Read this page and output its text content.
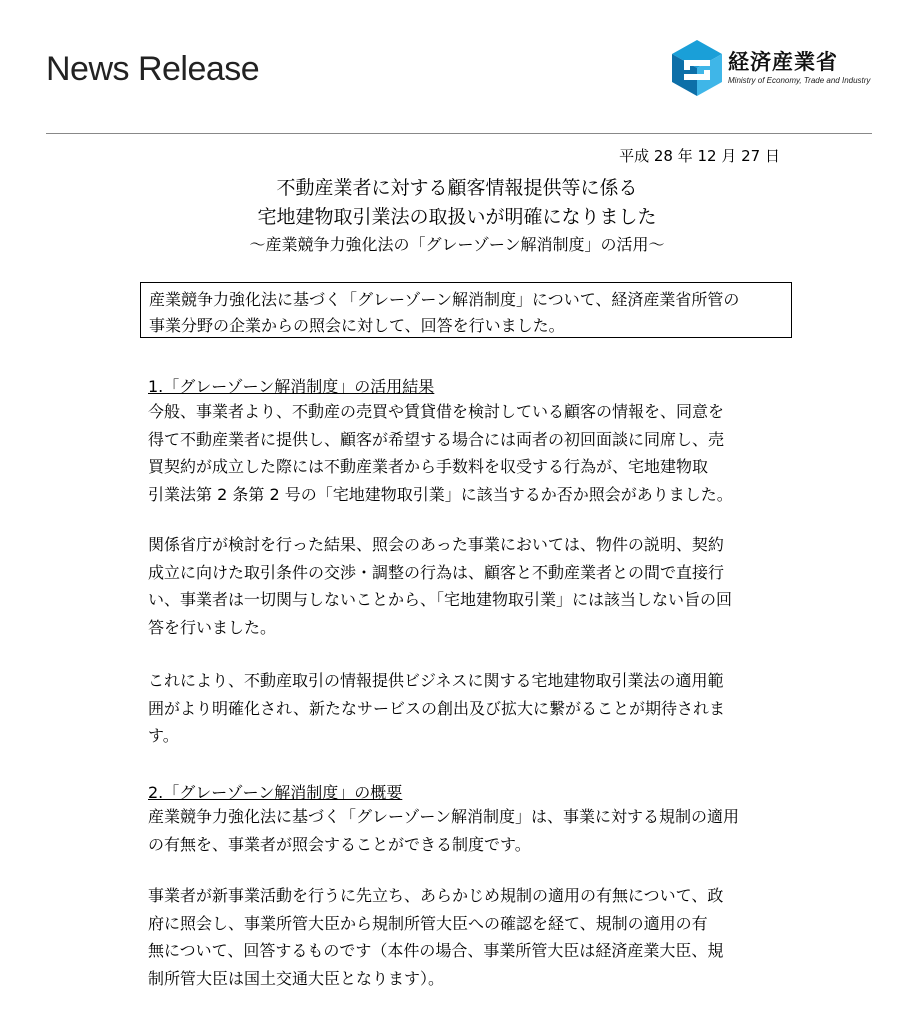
News Release	経済産業省
Ministry of Economy, Trade and Industry
平成 28 年 12 月 27 日
不動産業者に対する顧客情報提供等に係る
宅地建物取引業法の取扱いが明確になりました
〜産業競争力強化法の「グレーゾーン解消制度」の活用〜
産業競争力強化法に基づく「グレーゾーン解消制度」について、経済産業省所管の
事業分野の企業からの照会に対して、回答を行いました。
1.「グレーゾーン解消制度」の活用結果

今般、事業者より、不動産の売買や賃貸借を検討している顧客の情報を、同意を
得て不動産業者に提供し、顧客が希望する場合には両者の初回面談に同席し、売
買契約が成立した際には不動産業者から手数料を収受する行為が、宅地建物取
引業法第 2 条第 2 号の「宅地建物取引業」に該当するか否か照会がありました。

関係省庁が検討を行った結果、照会のあった事業においては、物件の説明、契約
成立に向けた取引条件の交渉・調整の行為は、顧客と不動産業者との間で直接行
い、事業者は一切関与しないことから、「宅地建物取引業」には該当しない旨の回
答を行いました。

これにより、不動産取引の情報提供ビジネスに関する宅地建物取引業法の適用範
囲がより明確化され、新たなサービスの創出及び拡大に繋がることが期待されま
す。

2.「グレーゾーン解消制度」の概要

産業競争力強化法に基づく「グレーゾーン解消制度」は、事業に対する規制の適用
の有無を、事業者が照会することができる制度です。

事業者が新事業活動を行うに先立ち、あらかじめ規制の適用の有無について、政
府に照会し、事業所管大臣から規制所管大臣への確認を経て、規制の適用の有
無について、回答するものです（本件の場合、事業所管大臣は経済産業大臣、規
制所管大臣は国土交通大臣となります）。
